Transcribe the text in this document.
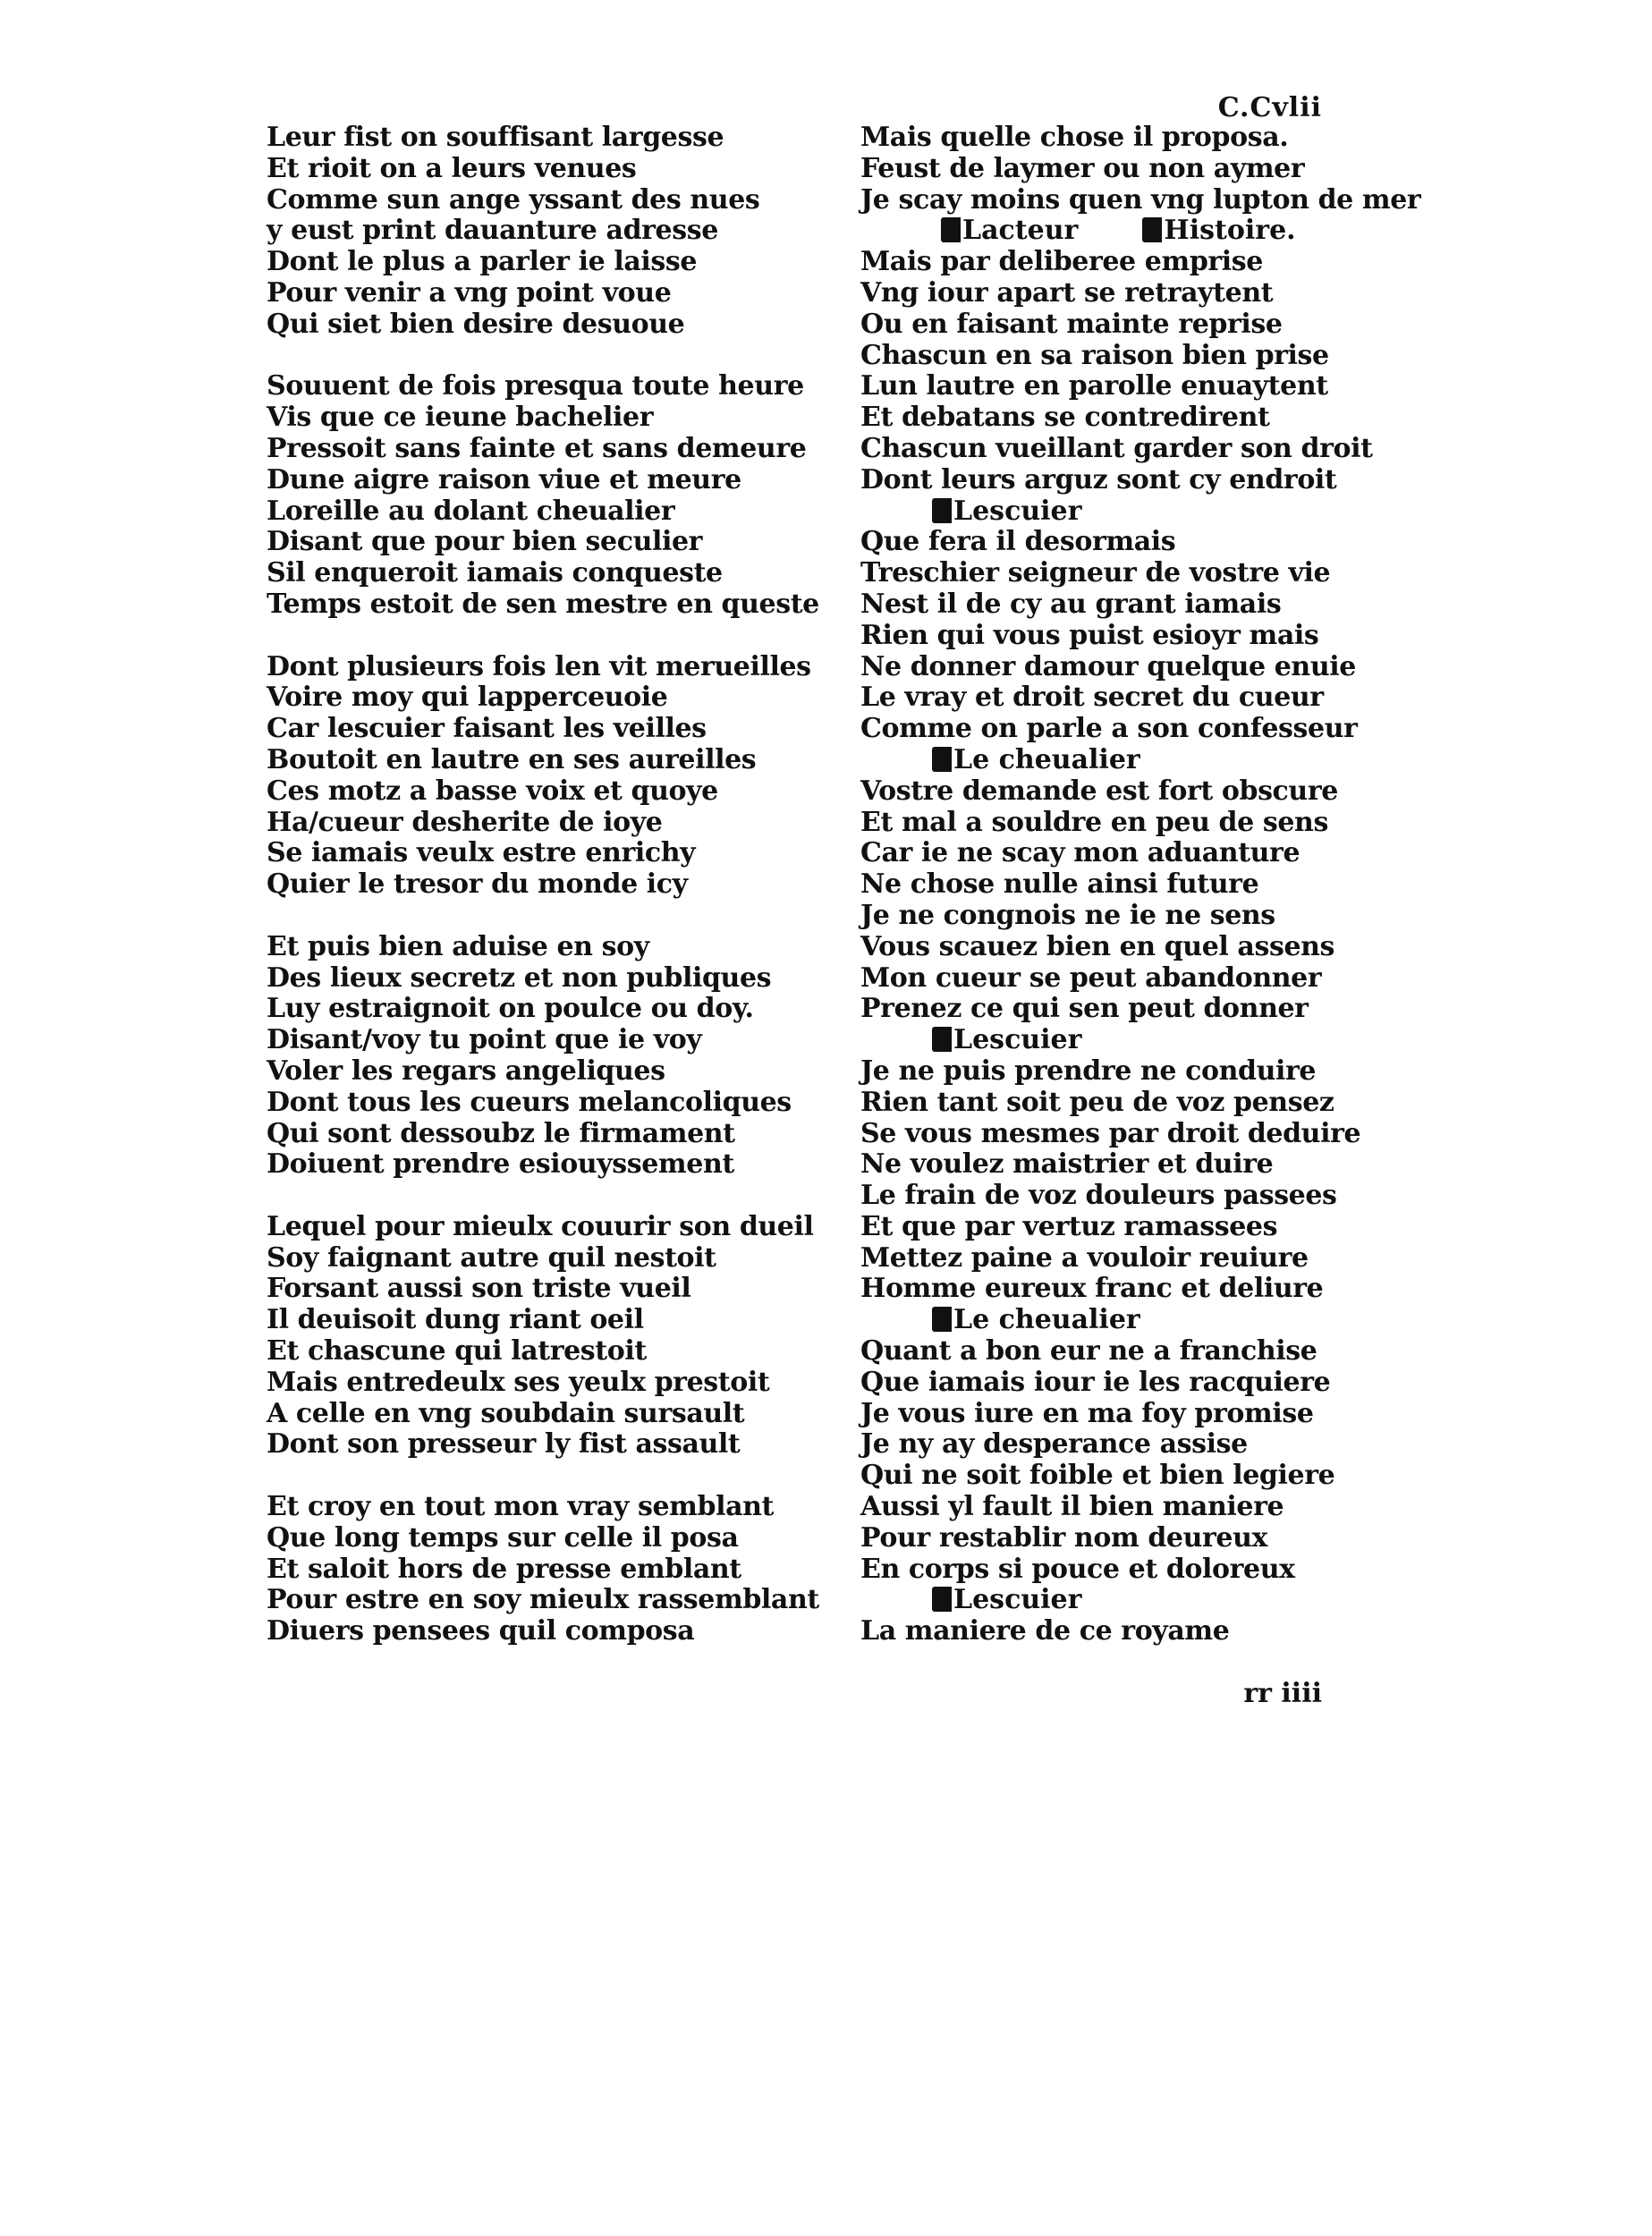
C.Cvlii
Leur fist on souffisant largesse
Et rioit on a leurs venues
Comme sun ange yssant des nues
y eust print dauanture adresse
Dont le plus a parler ie laisse
Pour venir a vng point voue
Qui siet bien desire desuoue
Souuent de fois presqua toute heure
Vis que ce ieune bachelier
Pressoit sans fainte et sans demeure
Dune aigre raison viue et meure
Loreille au dolant cheualier
Disant que pour bien seculier
Sil enqueroit iamais conqueste
Temps estoit de sen mestre en queste
Dont plusieurs fois len vit merueilles
Voire moy qui lapperceuoie
Car lescuier faisant les veilles
Boutoit en lautre en ses aureilles
Ces motz a basse voix et quoye
Ha/cueur desherite de ioye
Se iamais veulx estre enrichy
Quier le tresor du monde icy
Et puis bien aduise en soy
Des lieux secretz et non publiques
Luy estraignoit on poulce ou doy.
Disant/voy tu point que ie voy
Voler les regars angeliques
Dont tous les cueurs melancoliques
Qui sont dessoubz le firmament
Doiuent prendre esiouyssement
Lequel pour mieulx couurir son dueil
Soy faignant autre quil nestoit
Forsant aussi son triste vueil
Il deuisoit dung riant oeil
Et chascune qui latrestoit
Mais entredeulx ses yeulx prestoit
A celle en vng soubdain sursault
Dont son presseur ly fist assault
Et croy en tout mon vray semblant
Que long temps sur celle il posa
Et saloit hors de presse emblant
Pour estre en soy mieulx rassemblant
Diuers pensees quil composa
Mais quelle chose il proposa.
Feust de laymer ou non aymer
Je scay moins quen vng lupton de mer
Lacteur	Histoire.
Mais par deliberee emprise
Vng iour apart se retraytent
Ou en faisant mainte reprise
Chascun en sa raison bien prise
Lun lautre en parolle enuaytent
Et debatans se contredirent
Chascun vueillant garder son droit
Dont leurs arguz sont cy endroit
Lescuier
Que fera il desormais
Treschier seigneur de vostre vie
Nest il de cy au grant iamais
Rien qui vous puist esioyr mais
Ne donner damour quelque enuie
Le vray et droit secret du cueur
Comme on parle a son confesseur
Le cheualier
Vostre demande est fort obscure
Et mal a souldre en peu de sens
Car ie ne scay mon aduanture
Ne chose nulle ainsi future
Je ne congnois ne ie ne sens
Vous scauez bien en quel assens
Mon cueur se peut abandonner
Prenez ce qui sen peut donner
Lescuier
Je ne puis prendre ne conduire
Rien tant soit peu de voz pensez
Se vous mesmes par droit deduire
Ne voulez maistrier et duire
Le frain de voz douleurs passees
Et que par vertuz ramassees
Mettez paine a vouloir reuiure
Homme eureux franc et deliure
Le cheualier
Quant a bon eur ne a franchise
Que iamais iour ie les racquiere
Je vous iure en ma foy promise
Je ny ay desperance assise
Qui ne soit foible et bien legiere
Aussi yl fault il bien maniere
Pour restablir nom deureux
En corps si pouce et doloreux
Lescuier
La maniere de ce royame
rr iiii
